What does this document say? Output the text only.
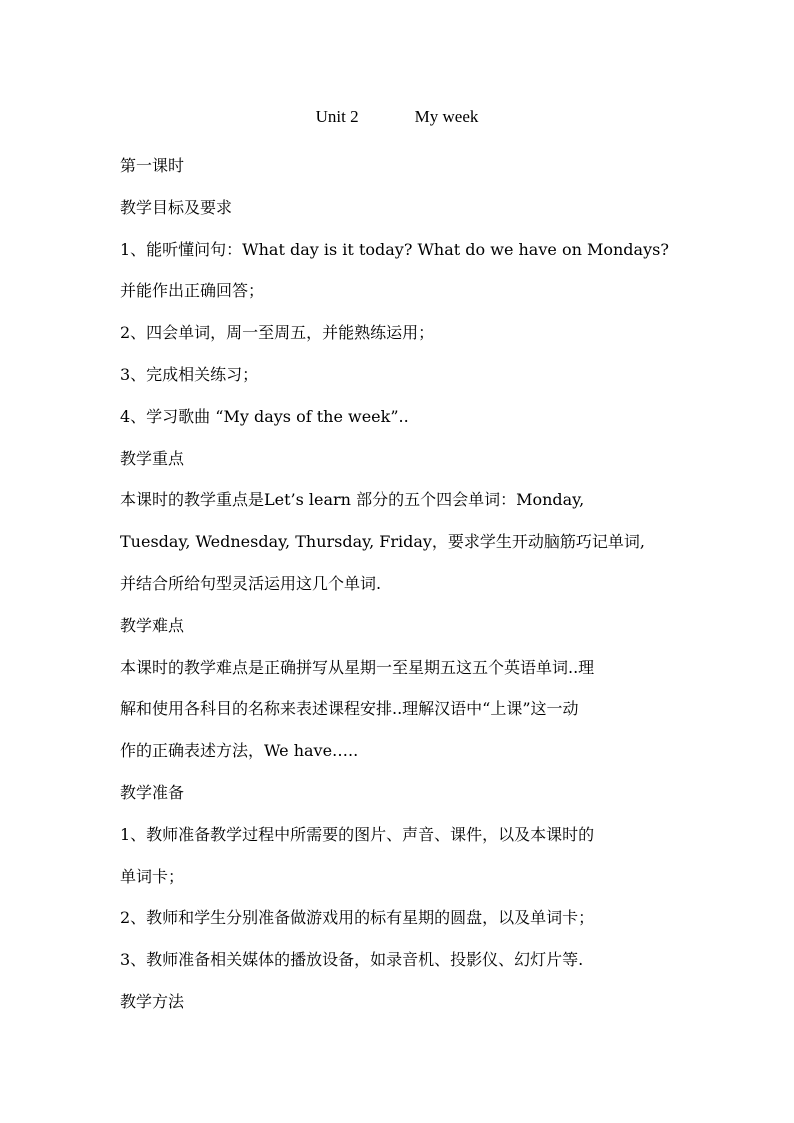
Unit 2	My week
第一课时
教学目标及要求
1、能听懂问句：What day is it today? What do we have on Mondays?
并能作出正确回答；
2、四会单词，周一至周五，并能熟练运用；
3、完成相关练习；
4、学习歌曲 “My days of the week”..
教学重点
本课时的教学重点是Let’s learn 部分的五个四会单词：Monday,
Tuesday, Wednesday, Thursday, Friday，要求学生开动脑筋巧记单词,
并结合所给句型灵活运用这几个单词.
教学难点
本课时的教学难点是正确拼写从星期一至星期五这五个英语单词..理
解和使用各科目的名称来表述课程安排..理解汉语中“上课”这一动
作的正确表述方法，We have…..
教学准备
1、教师准备教学过程中所需要的图片、声音、课件，以及本课时的
单词卡；
2、教师和学生分别准备做游戏用的标有星期的圆盘，以及单词卡；
3、教师准备相关媒体的播放设备，如录音机、投影仪、幻灯片等.
教学方法
